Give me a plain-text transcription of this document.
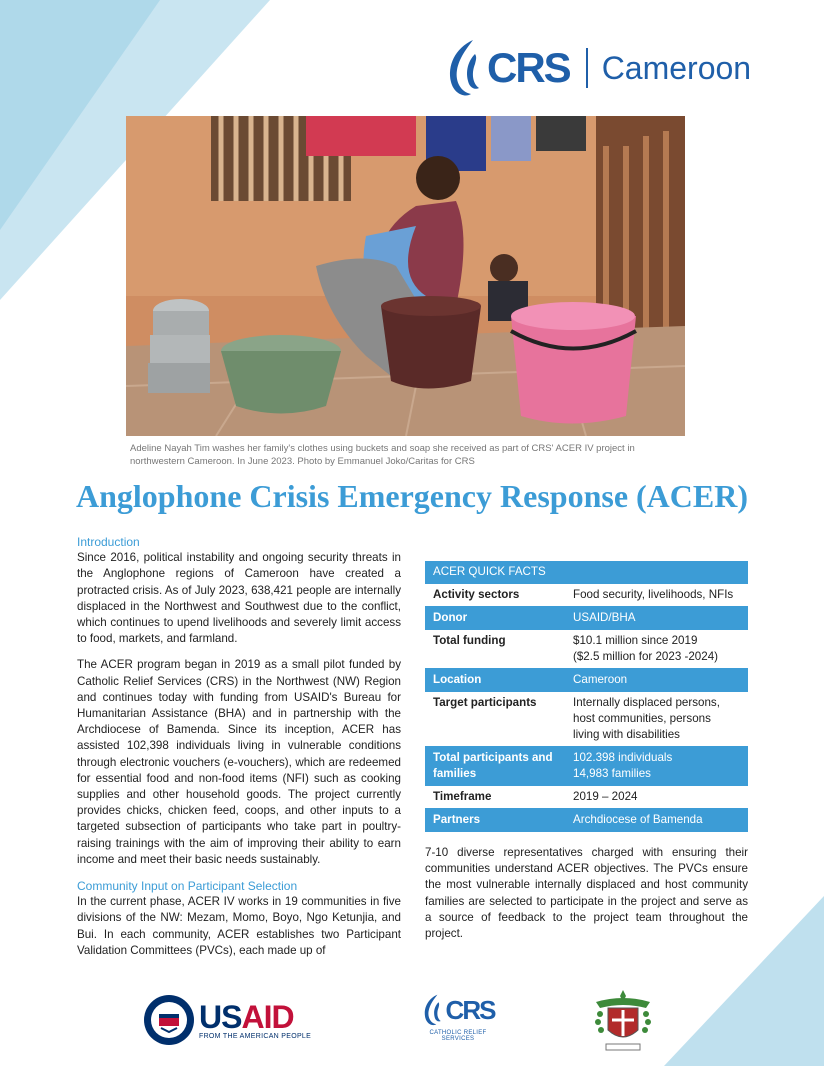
CRS Cameroon
Adeline Nayah Tim washes her family's clothes using buckets and soap she received as part of CRS' ACER IV project in northwestern Cameroon. In June 2023. Photo by Emmanuel Joko/Caritas for CRS
Anglophone Crisis Emergency Response (ACER)
Introduction

Since 2016, political instability and ongoing security threats in the Anglophone regions of Cameroon have created a protracted crisis. As of July 2023, 638,421 people are internally displaced in the Northwest and Southwest due to the conflict, which continues to upend livelihoods and severely limit access to food, markets, and farmland.

The ACER program began in 2019 as a small pilot funded by Catholic Relief Services (CRS) in the Northwest (NW) Region and continues today with funding from USAID's Bureau for Humanitarian Assistance (BHA) and in partnership with the Archdiocese of Bamenda. Since its inception, ACER has assisted 102,398 individuals living in vulnerable conditions through electronic vouchers (e-vouchers), which are redeemed for essential food and non-food items (NFI) such as cooking supplies and other household goods. The project currently provides chicks, chicken feed, coops, and other inputs to a targeted subsection of participants who take part in poultry-raising trainings with the aim of improving their ability to earn income and meet their basic needs sustainably.

Community Input on Participant Selection

In the current phase, ACER IV works in 19 communities in five divisions of the NW: Mezam, Momo, Boyo, Ngo Ketunjia, and Bui. In each community, ACER establishes two Participant Validation Committees (PVCs), each made up of

ACER QUICK FACTS	
Activity sectors	Food security, livelihoods, NFIs
Donor	USAID/BHA
Total funding	$10.1 million since 2019
($2.5 million for 2023 -2024)

Location	Cameroon
Target participants	Internally displaced persons, host communities, persons living with disabilities
Total participants and families	102.398 individuals
14,983 families

Timeframe	2019 – 2024
Partners	Archdiocese of Bamenda

7-10 diverse representatives charged with ensuring their communities understand ACER objectives. The PVCs ensure the most vulnerable internally displaced and host community families are selected to participate in the project and serve as a source of feedback to the project team throughout the project.

USAID
FROM THE AMERICAN PEOPLE
CRS
CATHOLIC RELIEF SERVICES
